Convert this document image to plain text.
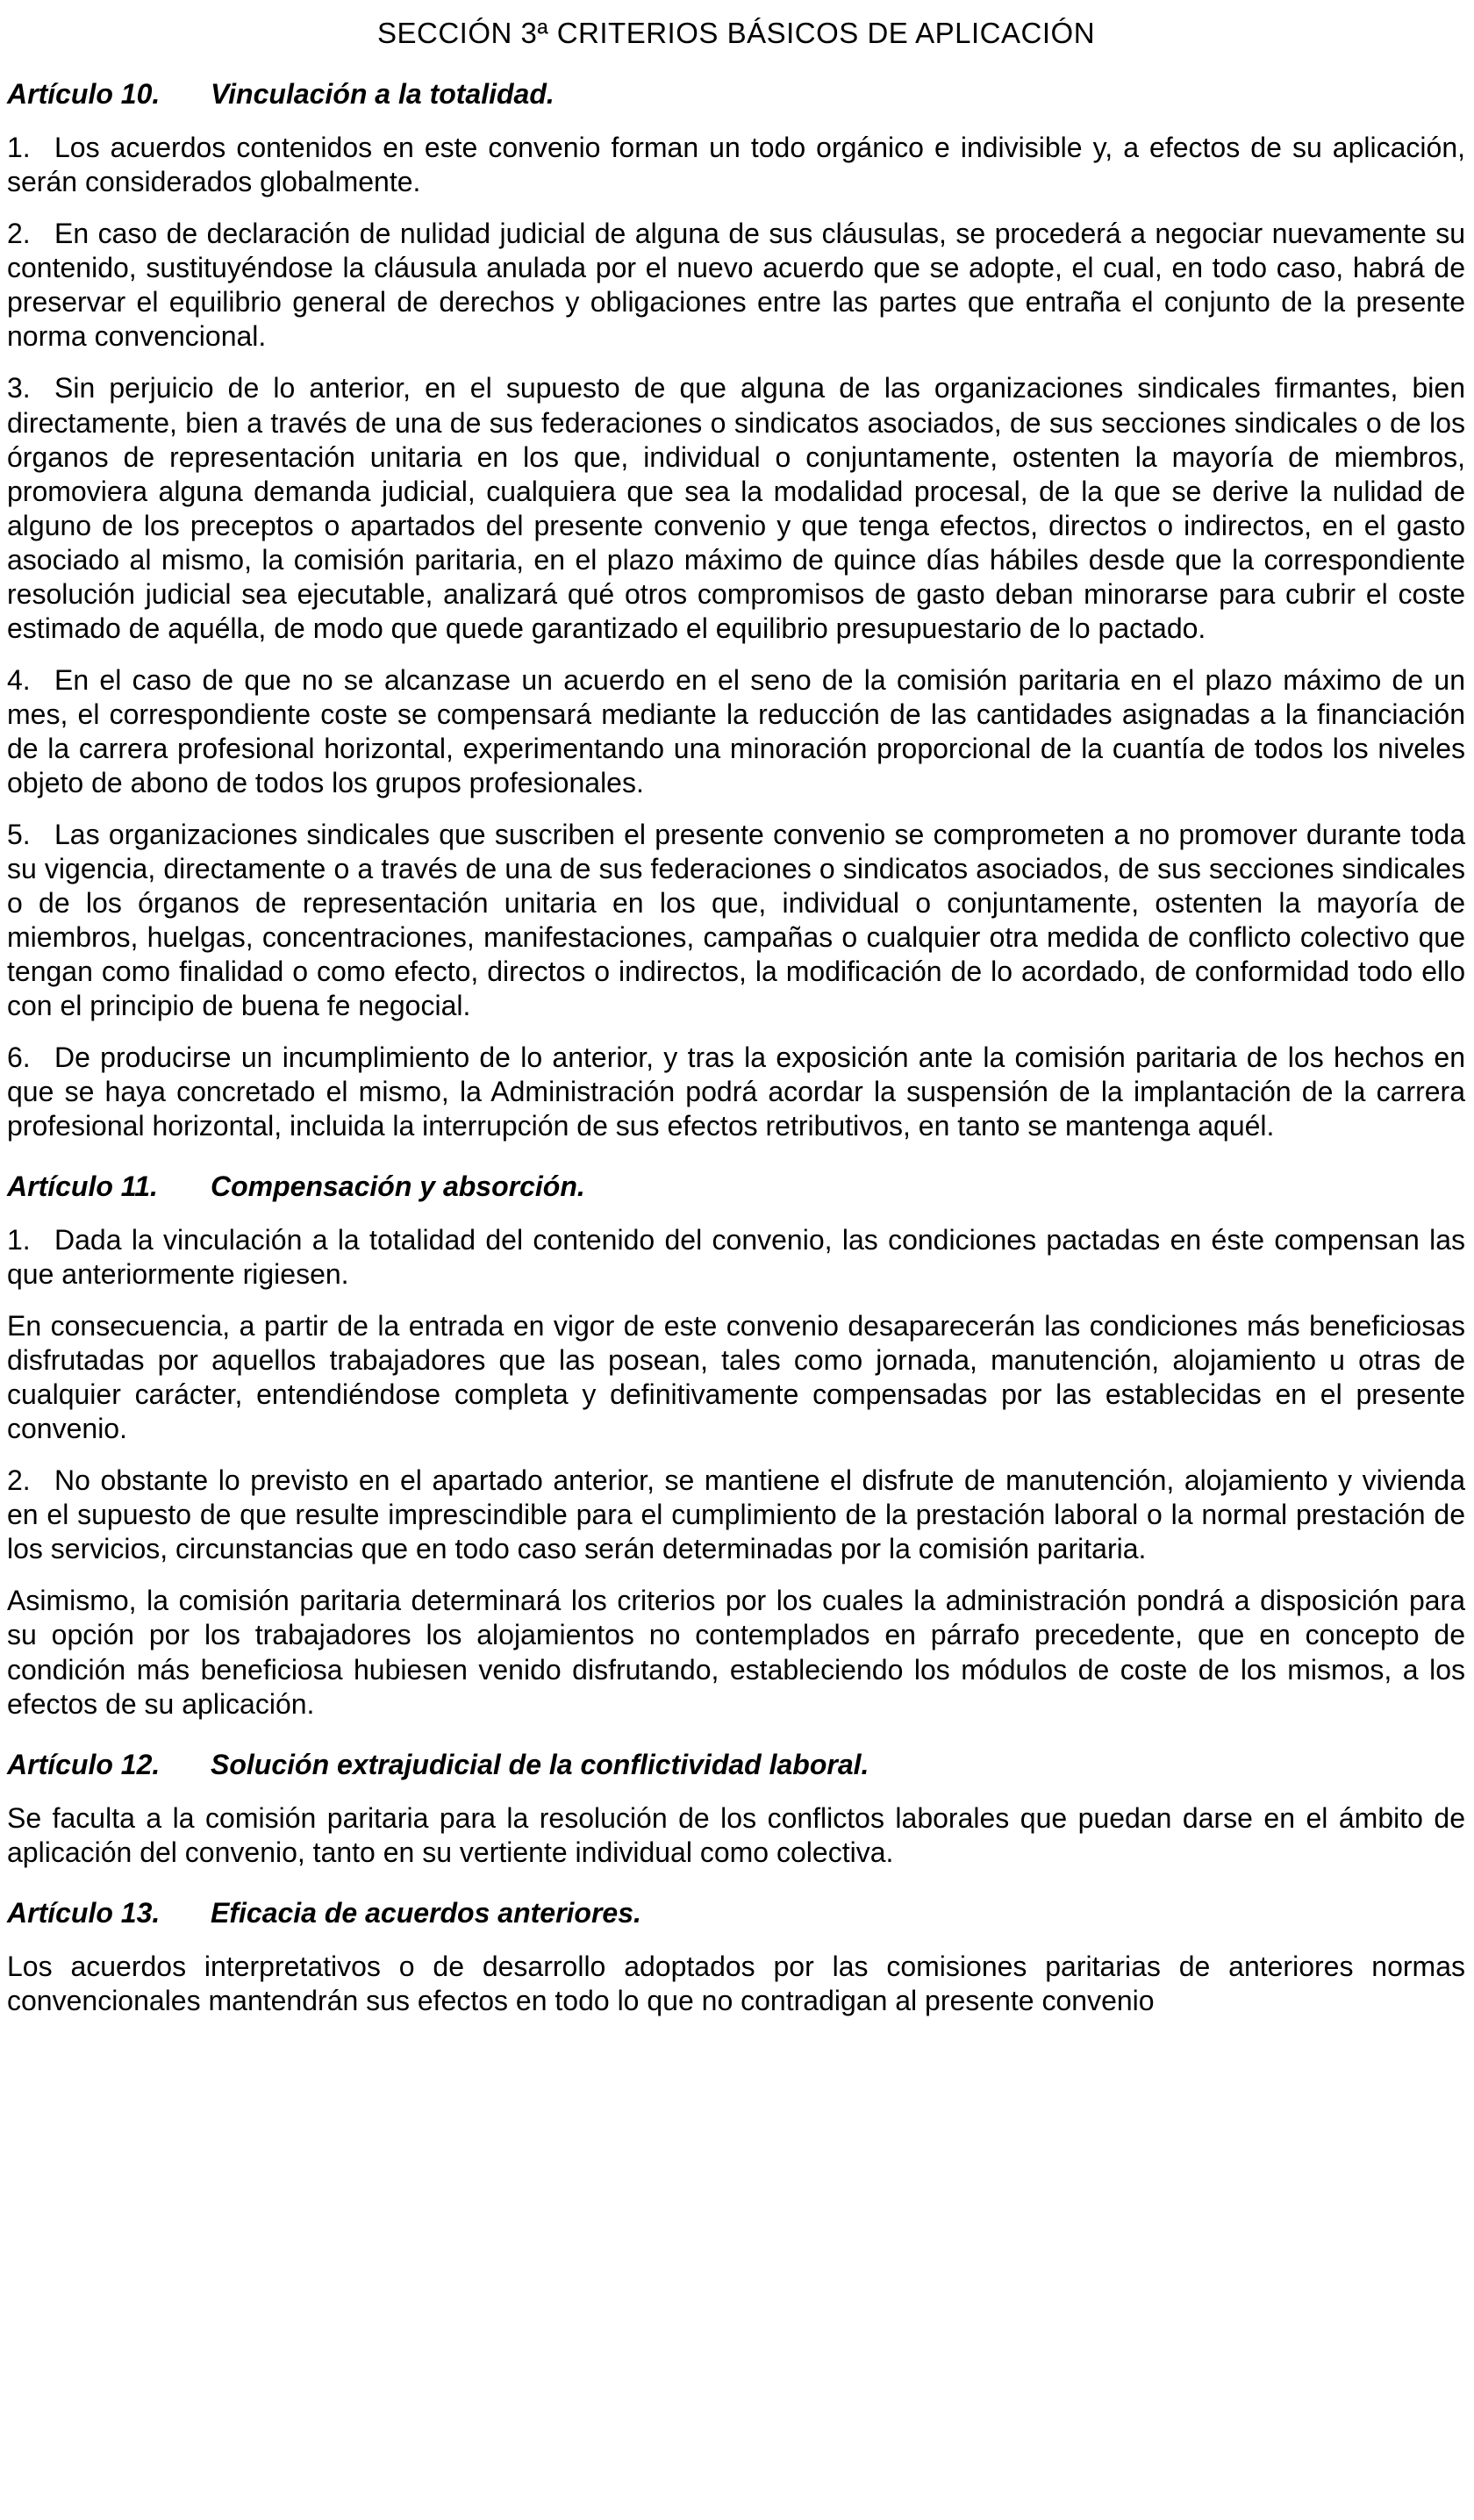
SECCIÓN 3ª CRITERIOS BÁSICOS DE APLICACIÓN

Artículo 10. Vinculación a la totalidad.

1. Los acuerdos contenidos en este convenio forman un todo orgánico e indivisible y, a efectos de su aplicación, serán considerados globalmente.

2. En caso de declaración de nulidad judicial de alguna de sus cláusulas, se procederá a negociar nuevamente su contenido, sustituyéndose la cláusula anulada por el nuevo acuerdo que se adopte, el cual, en todo caso, habrá de preservar el equilibrio general de derechos y obligaciones entre las partes que entraña el conjunto de la presente norma convencional.

3. Sin perjuicio de lo anterior, en el supuesto de que alguna de las organizaciones sindicales firmantes, bien directamente, bien a través de una de sus federaciones o sindicatos asociados, de sus secciones sindicales o de los órganos de representación unitaria en los que, individual o conjuntamente, ostenten la mayoría de miembros, promoviera alguna demanda judicial, cualquiera que sea la modalidad procesal, de la que se derive la nulidad de alguno de los preceptos o apartados del presente convenio y que tenga efectos, directos o indirectos, en el gasto asociado al mismo, la comisión paritaria, en el plazo máximo de quince días hábiles desde que la correspondiente resolución judicial sea ejecutable, analizará qué otros compromisos de gasto deban minorarse para cubrir el coste estimado de aquélla, de modo que quede garantizado el equilibrio presupuestario de lo pactado.

4. En el caso de que no se alcanzase un acuerdo en el seno de la comisión paritaria en el plazo máximo de un mes, el correspondiente coste se compensará mediante la reducción de las cantidades asignadas a la financiación de la carrera profesional horizontal, experimentando una minoración proporcional de la cuantía de todos los niveles objeto de abono de todos los grupos profesionales.

5. Las organizaciones sindicales que suscriben el presente convenio se comprometen a no promover durante toda su vigencia, directamente o a través de una de sus federaciones o sindicatos asociados, de sus secciones sindicales o de los órganos de representación unitaria en los que, individual o conjuntamente, ostenten la mayoría de miembros, huelgas, concentraciones, manifestaciones, campañas o cualquier otra medida de conflicto colectivo que tengan como finalidad o como efecto, directos o indirectos, la modificación de lo acordado, de conformidad todo ello con el principio de buena fe negocial.

6. De producirse un incumplimiento de lo anterior, y tras la exposición ante la comisión paritaria de los hechos en que se haya concretado el mismo, la Administración podrá acordar la suspensión de la implantación de la carrera profesional horizontal, incluida la interrupción de sus efectos retributivos, en tanto se mantenga aquél.

Artículo 11. Compensación y absorción.

1. Dada la vinculación a la totalidad del contenido del convenio, las condiciones pactadas en éste compensan las que anteriormente rigiesen.

En consecuencia, a partir de la entrada en vigor de este convenio desaparecerán las condiciones más beneficiosas disfrutadas por aquellos trabajadores que las posean, tales como jornada, manutención, alojamiento u otras de cualquier carácter, entendiéndose completa y definitivamente compensadas por las establecidas en el presente convenio.

2. No obstante lo previsto en el apartado anterior, se mantiene el disfrute de manutención, alojamiento y vivienda en el supuesto de que resulte imprescindible para el cumplimiento de la prestación laboral o la normal prestación de los servicios, circunstancias que en todo caso serán determinadas por la comisión paritaria.

Asimismo, la comisión paritaria determinará los criterios por los cuales la administración pondrá a disposición para su opción por los trabajadores los alojamientos no contemplados en párrafo precedente, que en concepto de condición más beneficiosa hubiesen venido disfrutando, estableciendo los módulos de coste de los mismos, a los efectos de su aplicación.

Artículo 12. Solución extrajudicial de la conflictividad laboral.

Se faculta a la comisión paritaria para la resolución de los conflictos laborales que puedan darse en el ámbito de aplicación del convenio, tanto en su vertiente individual como colectiva.

Artículo 13. Eficacia de acuerdos anteriores.

Los acuerdos interpretativos o de desarrollo adoptados por las comisiones paritarias de anteriores normas convencionales mantendrán sus efectos en todo lo que no contradigan al presente convenio
